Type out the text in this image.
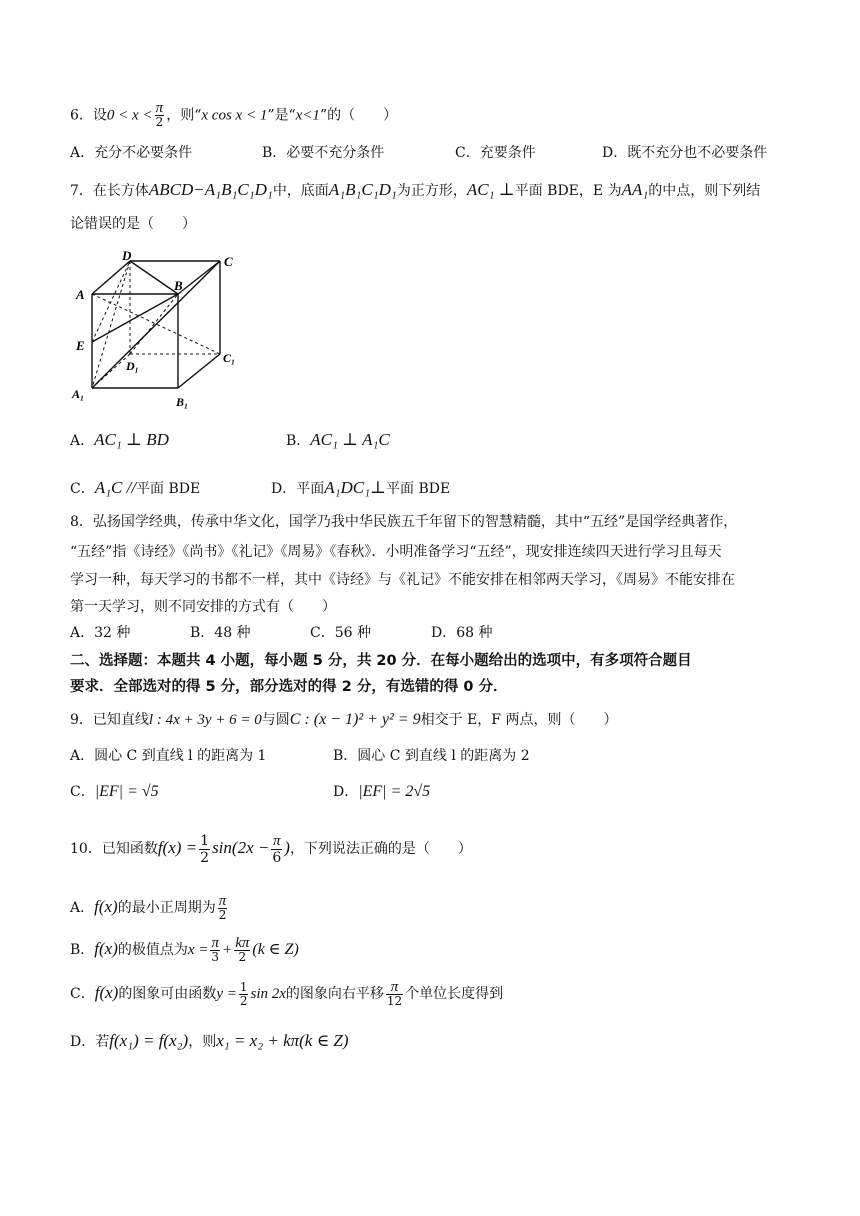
6．设$0 < x < \frac{\pi}{2}$ ，则“x cos x < 1”是“x<1”的（　　）
A．充分不必要条件	B．必要不充分条件	C．充要条件	D．既不充分也不必要条件
7．在长方体ABCD−A₁B₁C₁D₁中，底面A₁B₁C₁D₁为正方形，AC₁ ⊥平面 BDE，E 为AA₁的中点，则下列结
论错误的是（　　）
D	C
A
B
E
D₁
C₁
A₁
B₁
A．AC₁ ⊥ BD	B．AC₁ ⊥ A₁C
C．A₁C //平面 BDE	D．平面A₁DC₁⊥平面 BDE
8．弘扬国学经典，传承中华文化，国学乃我中华民族五千年留下的智慧精髓，其中“五经”是国学经典著作，
“五经”指《诗经》《尚书》《礼记》《周易》《春秋》．小明准备学习“五经”，现安排连续四天进行学习且每天
学习一种，每天学习的书都不一样，其中《诗经》与《礼记》不能安排在相邻两天学习，《周易》不能安排在
第一天学习，则不同安排的方式有（　　）
A．32 种	B．48 种	C．56 种	D．68 种
二、选择题：本题共 4 小题，每小题 5 分，共 20 分．在每小题给出的选项中，有多项符合题目
要求．全部选对的得 5 分，部分选对的得 2 分，有选错的得 0 分．
9．已知直线l : 4x + 3y + 6 = 0与圆C : (x − 1)² + y² = 9相交于 E，F 两点，则（　　）
A．圆心 C 到直线 l 的距离为 1	B．圆心 C 到直线 l 的距离为 2
C．|EF| = √5	D．|EF| = 2√5
10．已知函数$f(x) = \frac{1}{2} \sin(2x - \frac{\pi}{6}$ )，下列说法正确的是（　　）
A．f(x)的最小正周期为 $\frac{\pi}{2}$
B．f(x)的极值点为$x = \frac{\pi}{3} + \frac{k\pi}{2} (k$ ∈ Z)
C．f(x)的图象可由函数$y = \frac{1}{2}$ sin 2x的图象向右平移 $\frac{\pi}{12}$ 个单位长度得到
D．若f(x₁) = f(x₂)，则x₁ = x₂ + kπ(k ∈ Z)
